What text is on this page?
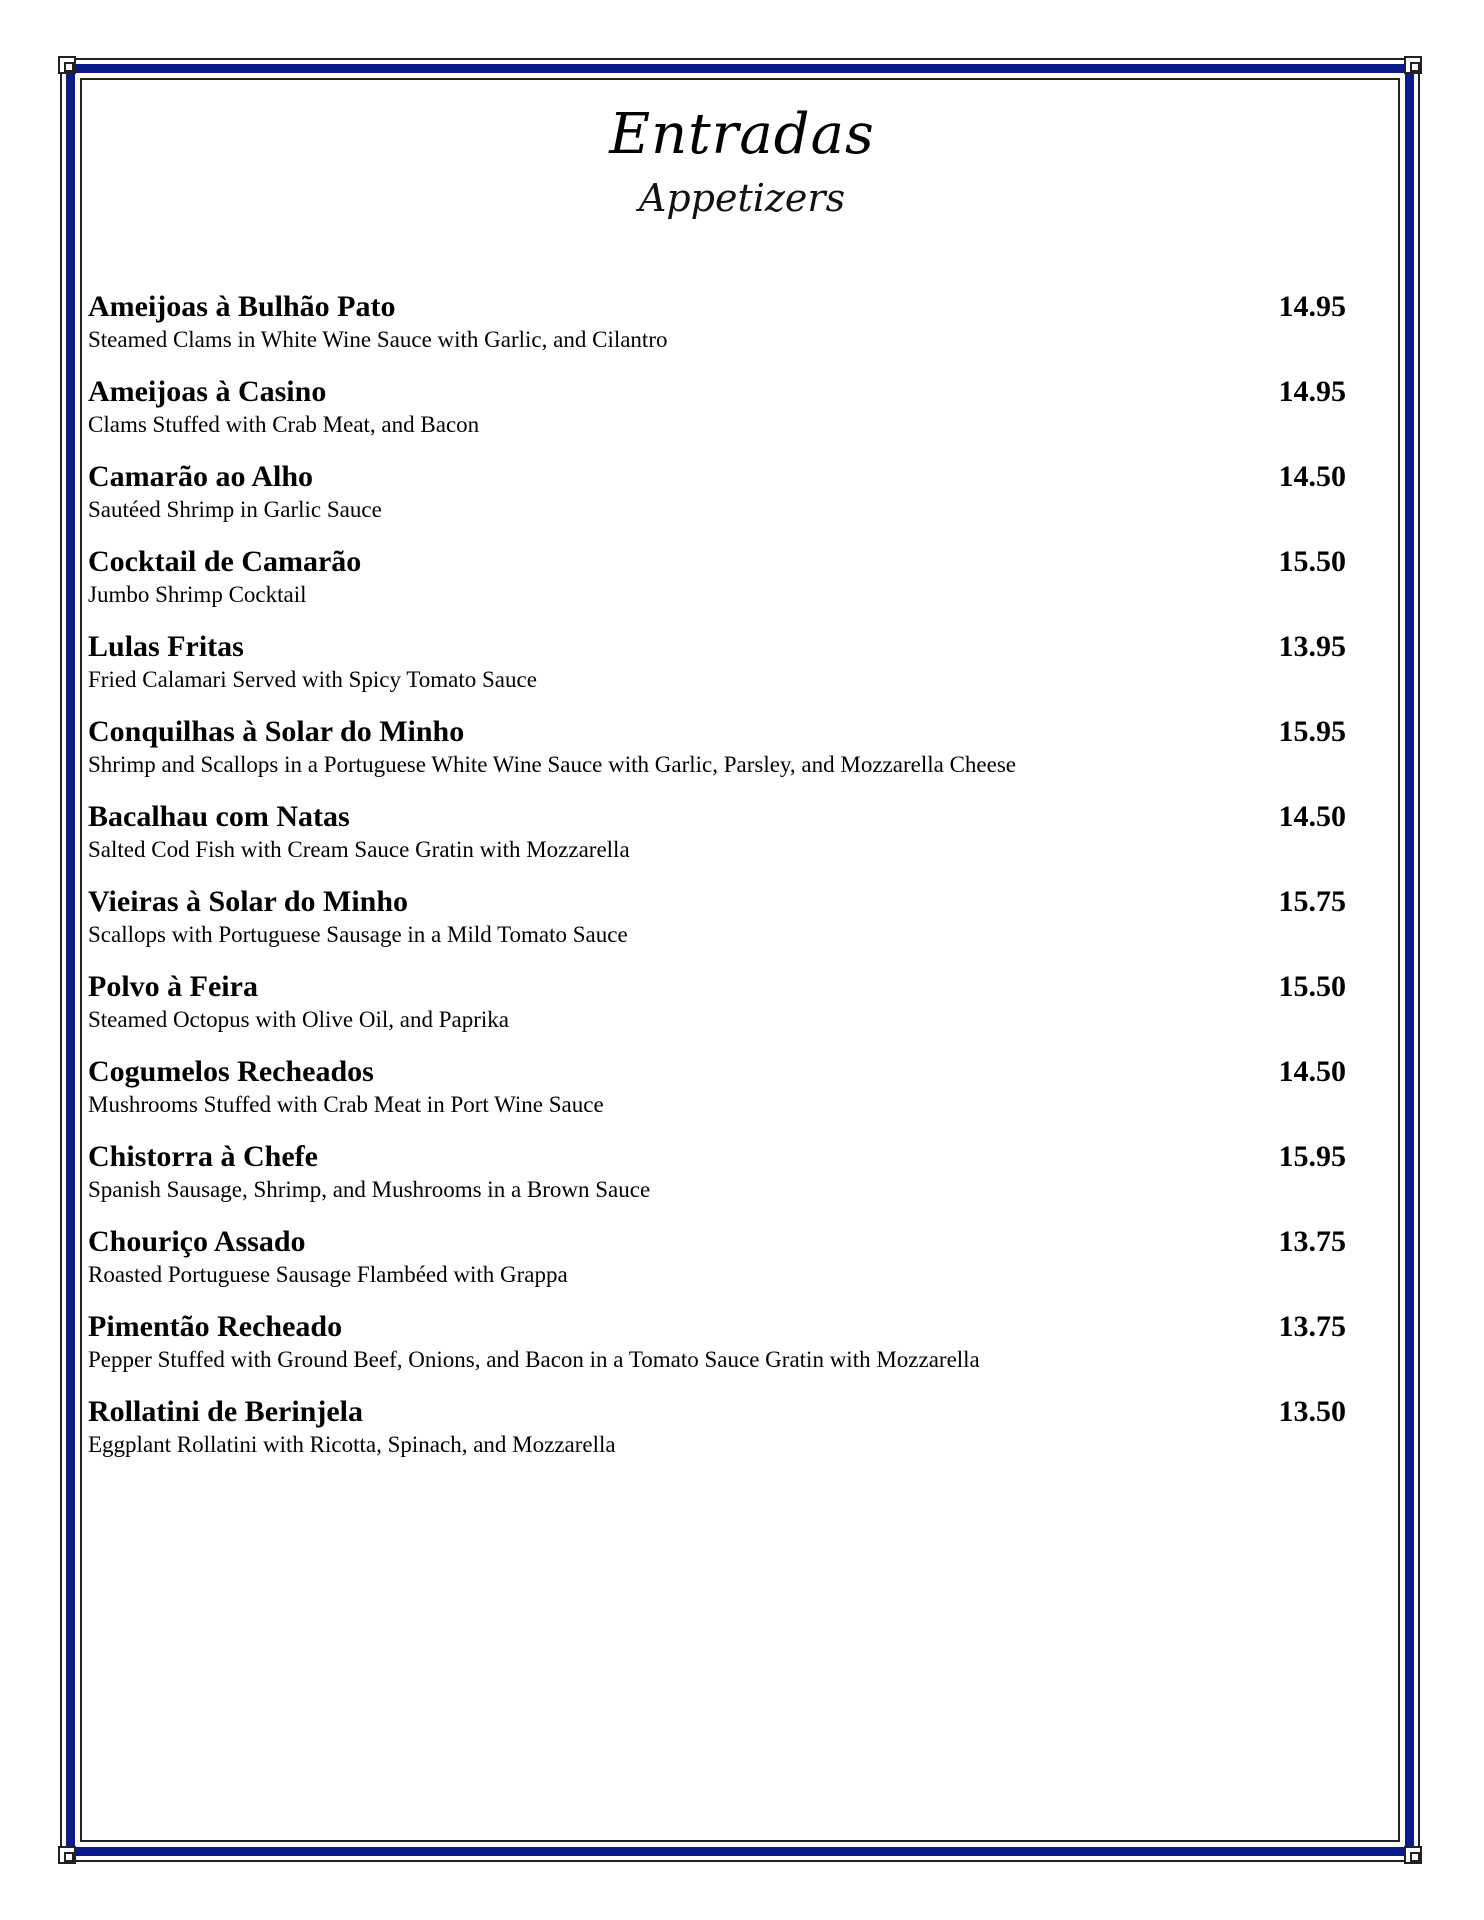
Entradas
Appetizers
Ameijoas à Bulhão Pato	14.95
Steamed Clams in White Wine Sauce with Garlic, and Cilantro
Ameijoas à Casino	14.95
Clams Stuffed with Crab Meat, and Bacon
Camarão ao Alho	14.50
Sautéed Shrimp in Garlic Sauce
Cocktail de Camarão	15.50
Jumbo Shrimp Cocktail
Lulas Fritas	13.95
Fried Calamari Served with Spicy Tomato Sauce
Conquilhas à Solar do Minho	15.95
Shrimp and Scallops in a Portuguese White Wine Sauce with Garlic, Parsley, and Mozzarella Cheese
Bacalhau com Natas	14.50
Salted Cod Fish with Cream Sauce Gratin with Mozzarella
Vieiras à Solar do Minho	15.75
Scallops with Portuguese Sausage in a Mild Tomato Sauce
Polvo à Feira	15.50
Steamed Octopus with Olive Oil, and Paprika
Cogumelos Recheados	14.50
Mushrooms Stuffed with Crab Meat in Port Wine Sauce
Chistorra à Chefe	15.95
Spanish Sausage, Shrimp, and Mushrooms in a Brown Sauce
Chouriço Assado	13.75
Roasted Portuguese Sausage Flambéed with Grappa
Pimentão Recheado	13.75
Pepper Stuffed with Ground Beef, Onions, and Bacon in a Tomato Sauce Gratin with Mozzarella
Rollatini de Berinjela	13.50
Eggplant Rollatini with Ricotta, Spinach, and Mozzarella
